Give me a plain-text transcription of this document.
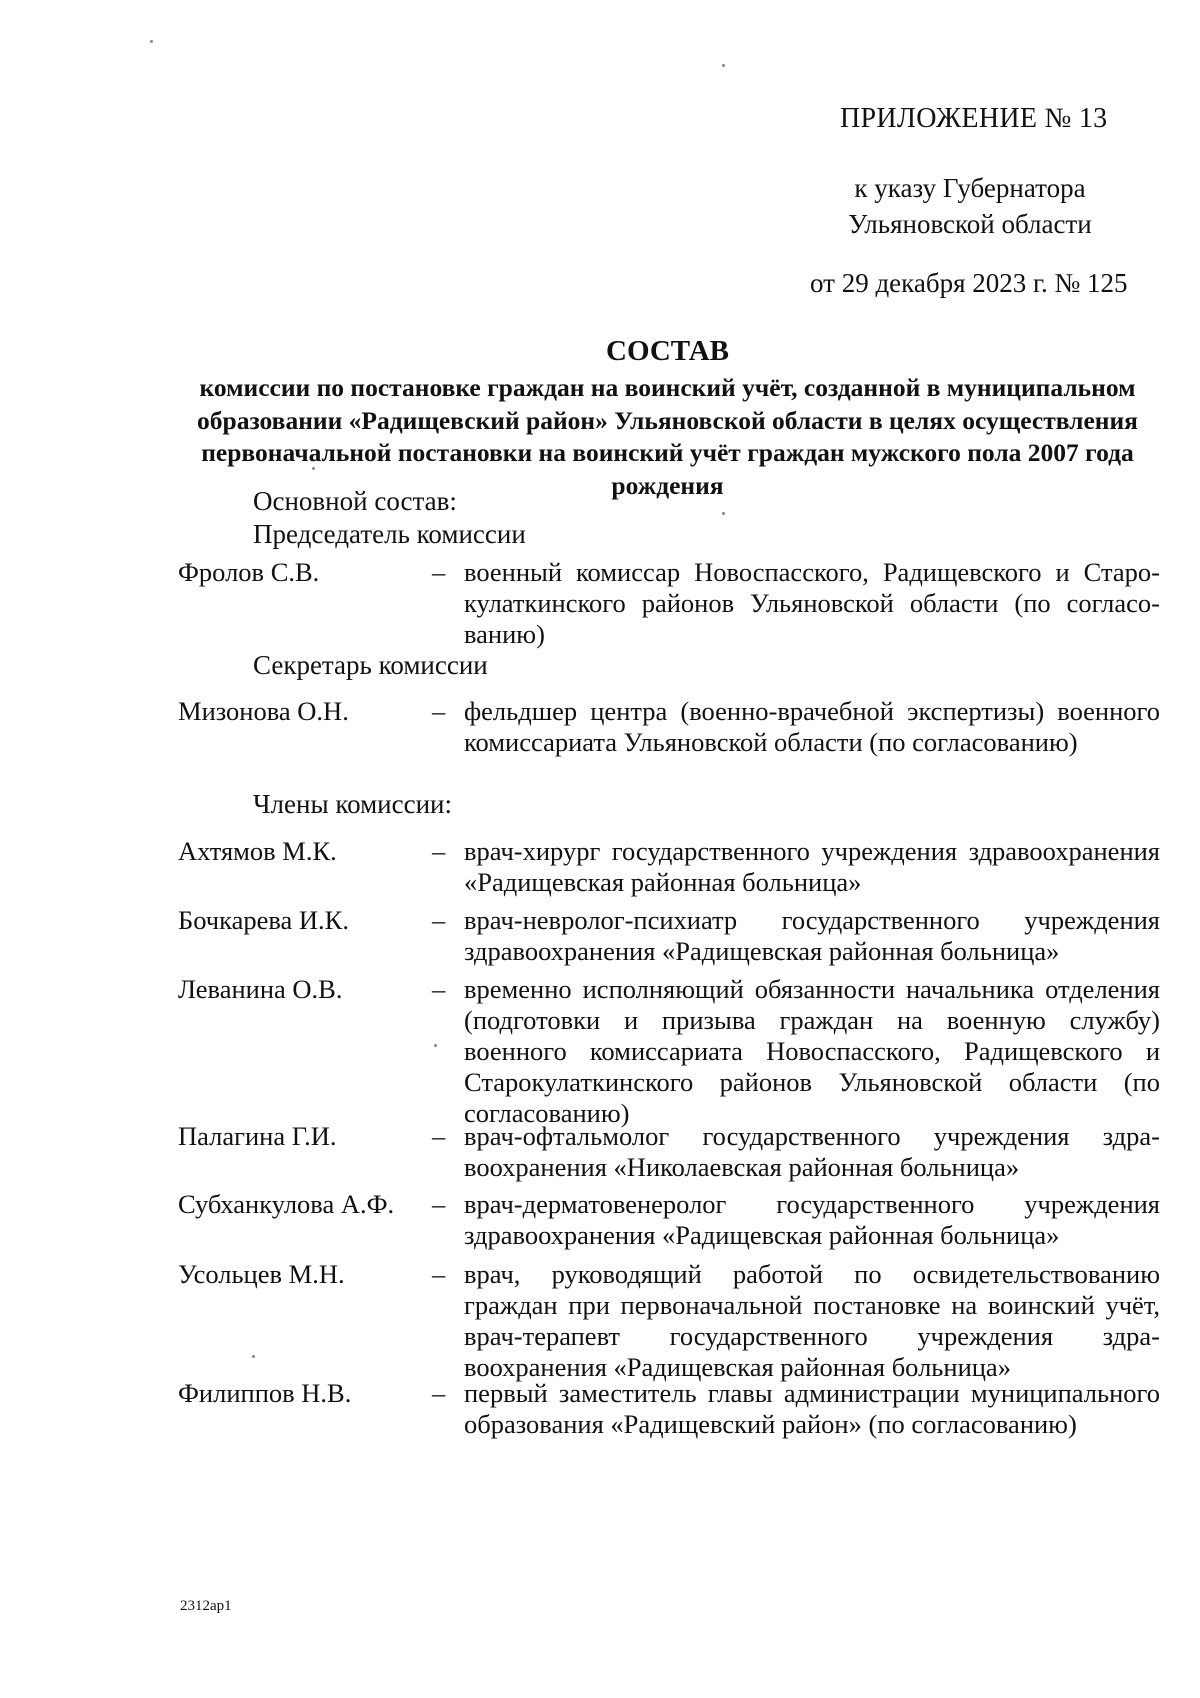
ПРИЛОЖЕНИЕ № 13
к указу Губернатора Ульяновской области
от 29 декабря 2023 г. № 125
СОСТАВ
комиссии по постановке граждан на воинский учёт, созданной в муниципальном образовании «Радищевский район» Ульяновской области в целях осуществления первоначальной постановки на воинский учёт граждан мужского пола 2007 года рождения
Основной состав:
Председатель комиссии
Фролов С.В.	– военный комиссар Новоспасского, Радищевского и Старокулаткинского районов Ульяновской области (по согласованию)
Секретарь комиссии
Мизонова О.Н.	– фельдшер центра (военно-врачебной экспертизы) военного комиссариата Ульяновской области (по согласованию)
Члены комиссии:
Ахтямов М.К.	– врач-хирург государственного учреждения здравоохранения «Радищевская районная больница»
Бочкарева И.К.	– врач-невролог-психиатр государственного учреждения здравоохранения «Радищевская районная больница»
Леванина О.В.	– временно исполняющий обязанности начальника отделения (подготовки и призыва граждан на военную службу) военного комиссариата Новоспасского, Радищевского и Старокулаткинского районов Ульяновской области (по согласованию)
Палагина Г.И.	– врач-офтальмолог государственного учреждения здравоохранения «Николаевская районная больница»
Субханкулова А.Ф. – врач-дерматовенеролог государственного учреждения здравоохранения «Радищевская районная больница»
Усольцев М.Н.	– врач, руководящий работой по освидетельствованию граждан при первоначальной постановке на воинский учёт, врач-терапевт государственного учреждения здравоохранения «Радищевская районная больница»
Филиппов Н.В.	– первый заместитель главы администрации муниципального образования «Радищевский район» (по согласованию)
2312ap1
